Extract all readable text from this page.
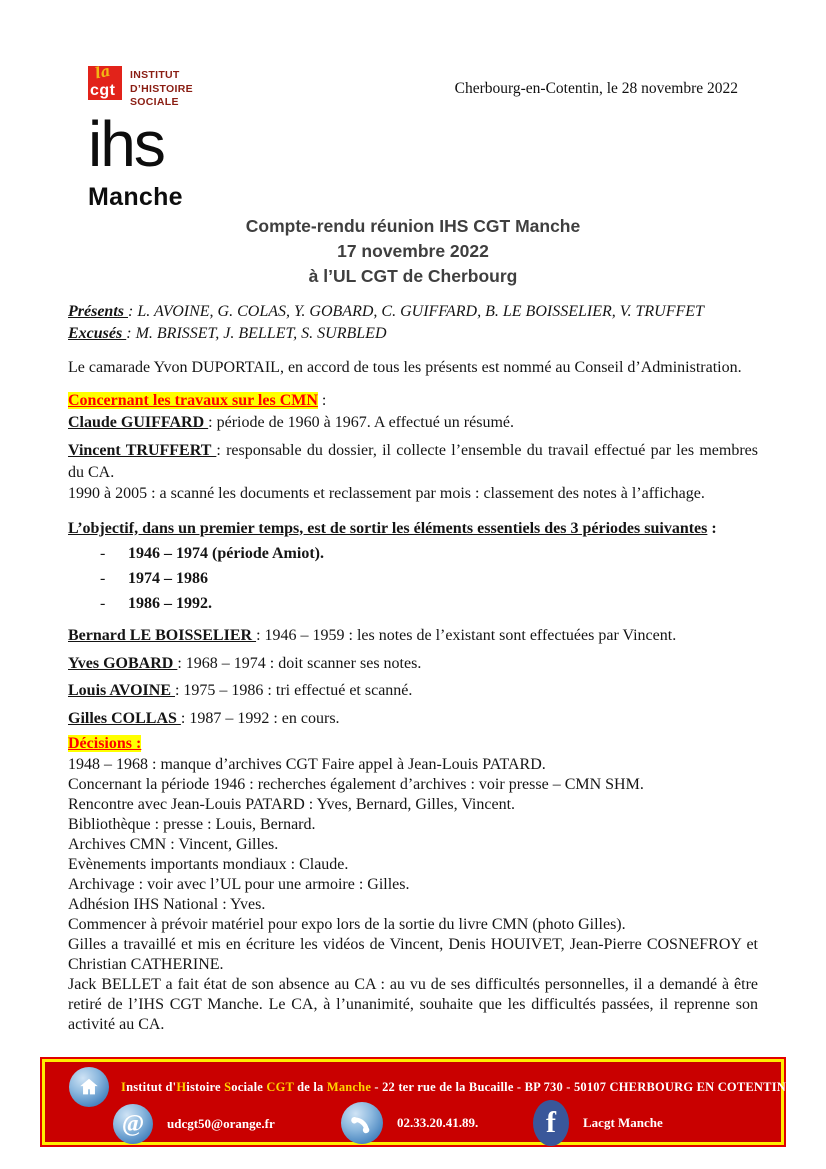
la
cgt
INSTITUT
D’HISTOIRE
SOCIALE
ihs
Manche
Cherbourg-en-Cotentin, le 28 novembre 2022
Compte-rendu réunion IHS CGT Manche
17 novembre 2022
à l’UL CGT de Cherbourg

Présents : L. AVOINE, G. COLAS, Y. GOBARD, C. GUIFFARD, B. LE BOISSELIER, V. TRUFFET

Excusés : M. BRISSET, J. BELLET, S. SURBLED

Le camarade Yvon DUPORTAIL, en accord de tous les présents est nommé au Conseil d’Administration.

Concernant les travaux sur les CMN :

Claude GUIFFARD : période de 1960 à 1967. A effectué un résumé.

Vincent TRUFFERT : responsable du dossier, il collecte l’ensemble du travail effectué par les membres du CA.

1990 à 2005 : a scanné les documents et reclassement par mois : classement des notes à l’affichage.

L’objectif, dans un premier temps, est de sortir les éléments essentiels des 3 périodes suivantes :

-	1946 – 1974 (période Amiot).
-	1974 – 1986
-	1986 – 1992.

Bernard LE BOISSELIER : 1946 – 1959 : les notes de l’existant sont effectuées par Vincent.

Yves GOBARD : 1968 – 1974 : doit scanner ses notes.

Louis AVOINE : 1975 – 1986 : tri effectué et scanné.

Gilles COLLAS : 1987 – 1992 : en cours.

Décisions :

1948 – 1968 : manque d’archives CGT Faire appel à Jean-Louis PATARD.

Concernant la période 1946 : recherches également d’archives : voir presse – CMN SHM.

Rencontre avec Jean-Louis PATARD : Yves, Bernard, Gilles, Vincent.

Bibliothèque : presse : Louis, Bernard.

Archives CMN : Vincent, Gilles.

Evènements importants mondiaux : Claude.

Archivage : voir avec l’UL pour une armoire : Gilles.

Adhésion IHS National : Yves.

Commencer à prévoir matériel pour expo lors de la sortie du livre CMN (photo Gilles).

Gilles a travaillé et mis en écriture les vidéos de Vincent, Denis HOUIVET, Jean-Pierre COSNEFROY et Christian CATHERINE.

Jack BELLET a fait état de son absence au CA : au vu de ses difficultés personnelles, il a demandé à être retiré de l’IHS CGT Manche. Le CA, à l’unanimité, souhaite que les difficultés passées, il reprenne son activité au CA.

Institut d'Histoire Sociale CGT de la Manche - 22 ter rue de la Bucaille - BP 730 - 50107 CHERBOURG EN COTENTIN
@	udcgt50@orange.fr	02.33.20.41.89.	f	Lacgt Manche
